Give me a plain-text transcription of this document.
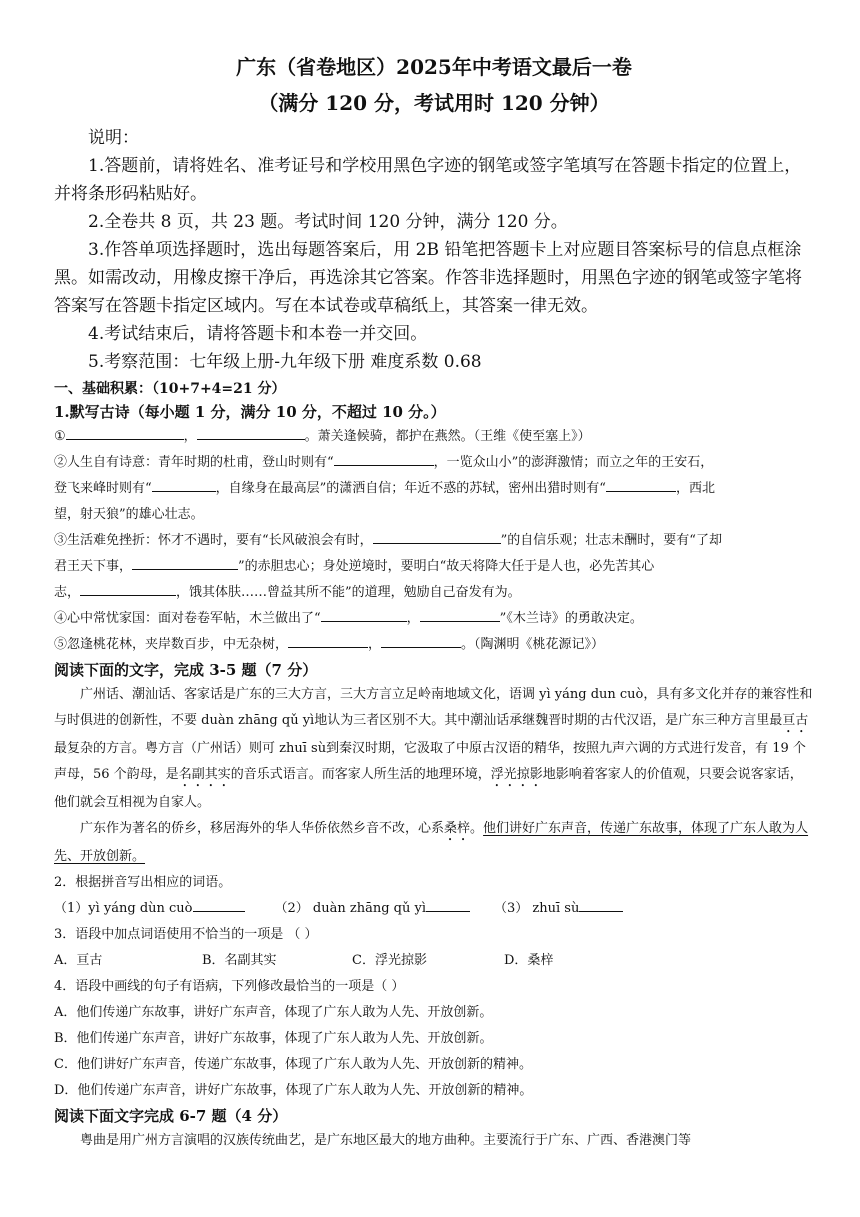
广东（省卷地区）2025年中考语文最后一卷
（满分 120 分，考试用时 120 分钟）

说明：

1.答题前，请将姓名、准考证号和学校用黑色字迹的钢笔或签字笔填写在答题卡指定的位置上，并将条形码粘贴好。

2.全卷共 8 页，共 23 题。考试时间 120 分钟，满分 120 分。

3.作答单项选择题时，选出每题答案后，用 2B 铅笔把答题卡上对应题目答案标号的信息点框涂黑。如需改动，用橡皮擦干净后，再选涂其它答案。作答非选择题时，用黑色字迹的钢笔或签字笔将答案写在答题卡指定区域内。写在本试卷或草稿纸上，其答案一律无效。

4.考试结束后，请将答题卡和本卷一并交回。

5.考察范围：七年级上册-九年级下册 难度系数 0.68

一、基础积累：（10+7+4=21 分）
1.默写古诗（每小题 1 分，满分 10 分，不超过 10 分。）

①	，	。萧关逢候骑，都护在燕然。（王维《使至塞上》）

②人生自有诗意：青年时期的杜甫，登山时则有“	，一览众山小”的澎湃激情；而立之年的王安石，

登飞来峰时则有“	，自缘身在最高层”的潇洒自信；年近不惑的苏轼，密州出猎时则有“	，西北

望，射天狼”的雄心壮志。

③生活难免挫折：怀才不遇时，要有“长风破浪会有时，	”的自信乐观；壮志未酬时，要有“了却

君王天下事，	”的赤胆忠心；身处逆境时，要明白“故天将降大任于是人也，必先苦其心

志，	，饿其体肤……曾益其所不能”的道理，勉励自己奋发有为。

④心中常忧家国：面对卷卷军帖，木兰做出了“	，	”《木兰诗》的勇敢决定。

⑤忽逢桃花林，夹岸数百步，中无杂树，	，	。（陶渊明《桃花源记》）

阅读下面的文字，完成 3-5 题（7 分）

广州话、潮汕话、客家话是广东的三大方言，三大方言立足岭南地域文化，语调 yì yáng dun cuò，具有多文化并存的兼容性和与时俱进的创新性，不要 duàn zhāng qǔ yì地认为三者区别不大。其中潮汕话承继魏晋时期的古代汉语，是广东三种方言里最亘古最复杂的方言。粤方言（广州话）则可 zhuī sù到秦汉时期，它汲取了中原古汉语的精华，按照九声六调的方式进行发音，有 19 个声母，56 个韵母，是名副其实的音乐式语言。而客家人所生活的地理环境，浮光掠影地影响着客家人的价值观，只要会说客家话，他们就会互相视为自家人。

广东作为著名的侨乡，移居海外的华人华侨依然乡音不改，心系桑梓。他们讲好广东声音，传递广东故事，体现了广东人敢为人先、开放创新。

2．根据拼音写出相应的词语。

（1）yì yáng dùn cuò	（2） duàn zhāng qǔ yì	（3） zhuī sù

3．语段中加点词语使用不恰当的一项是 （ ）

A．亘古	B．名副其实	C．浮光掠影	D．桑梓

4．语段中画线的句子有语病，下列修改最恰当的一项是（ ）

A．他们传递广东故事，讲好广东声音，体现了广东人敢为人先、开放创新。

B．他们传递广东声音，讲好广东故事，体现了广东人敢为人先、开放创新。

C．他们讲好广东声音，传递广东故事，体现了广东人敢为人先、开放创新的精神。

D．他们传递广东声音，讲好广东故事，体现了广东人敢为人先、开放创新的精神。

阅读下面文字完成 6-7 题（4 分）

粤曲是用广州方言演唱的汉族传统曲艺，是广东地区最大的地方曲种。主要流行于广东、广西、香港澳门等
